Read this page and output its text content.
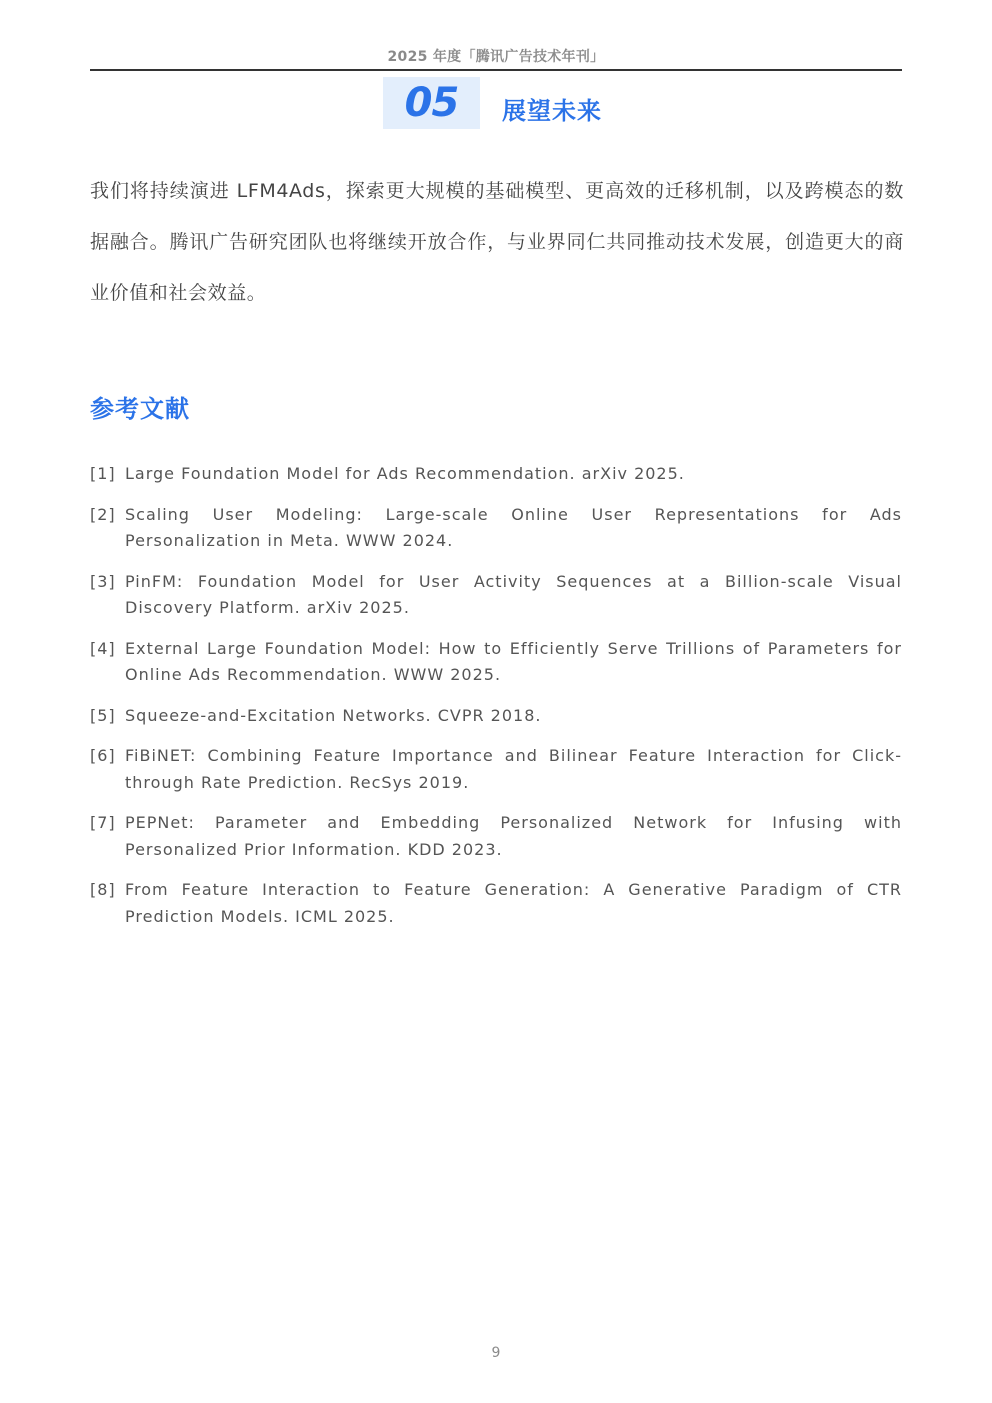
2025 年度「腾讯广告技术年刊」
05 展望未来

我们将持续演进 LFM4Ads，探索更大规模的基础模型、更高效的迁移机制，以及跨模态的数据融合。腾讯广告研究团队也将继续开放合作，与业界同仁共同推动技术发展，创造更大的商业价值和社会效益。

参考文献
[1] Large Foundation Model for Ads Recommendation. arXiv 2025.
[2] Scaling User Modeling: Large-scale Online User Representations for Ads Personalization in Meta. WWW 2024.
[3] PinFM: Foundation Model for User Activity Sequences at a Billion-scale Visual Discovery Platform. arXiv 2025.
[4] External Large Foundation Model: How to Efficiently Serve Trillions of Parameters for Online Ads Recommendation. WWW 2025.
[5] Squeeze-and-Excitation Networks. CVPR 2018.
[6] FiBiNET: Combining Feature Importance and Bilinear Feature Interaction for Click-through Rate Prediction. RecSys 2019.
[7] PEPNet: Parameter and Embedding Personalized Network for Infusing with Personalized Prior Information. KDD 2023.
[8] From Feature Interaction to Feature Generation: A Generative Paradigm of CTR Prediction Models. ICML 2025.
9
